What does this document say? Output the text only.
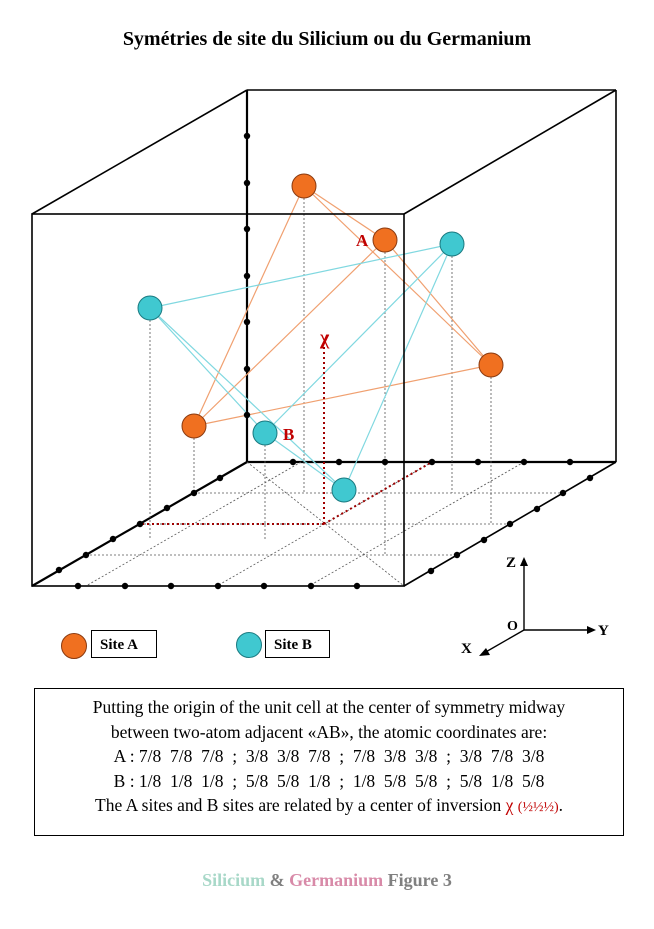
Symétries de site du Silicium ou du Germanium
A
B
χ
Z
Y
X
O
Site A	Site B
Putting the origin of the unit cell at the center of symmetry midway
between two-atom adjacent «AB», the atomic coordinates are:
A : 7/8  7/8  7/8  ;  3/8  3/8  7/8  ;  7/8  3/8  3/8  ;  3/8  7/8  3/8
B : 1/8  1/8  1/8  ;  5/8  5/8  1/8  ;  1/8  5/8  5/8  ;  5/8  1/8  5/8
The A sites and B sites are related by a center of inversion χ (½½½).
Silicium & Germanium Figure 3
